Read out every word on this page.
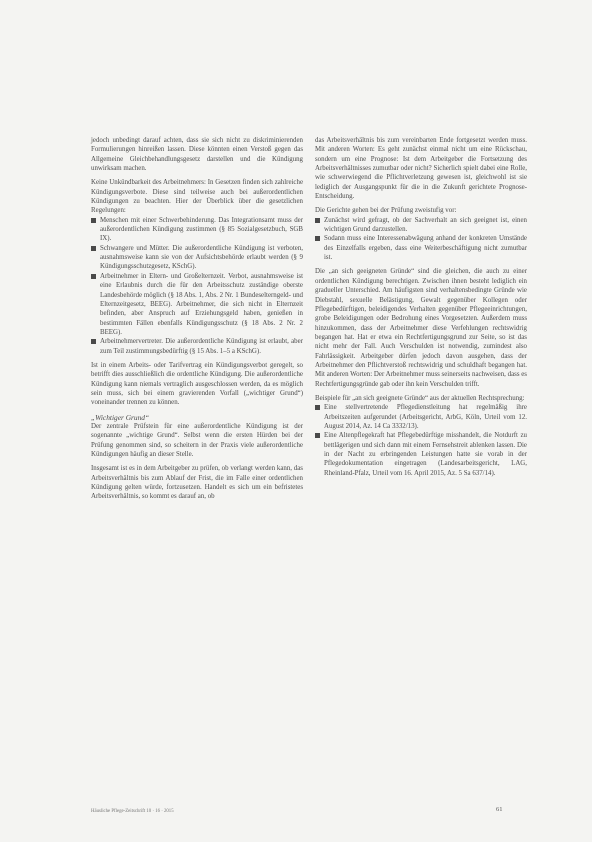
jedoch unbedingt darauf achten, dass sie sich nicht zu diskriminierenden Formulierungen hinreißen lassen. Diese könnten einen Verstoß gegen das Allgemeine Gleichbehandlungsgesetz darstellen und die Kündigung unwirksam machen.

Keine Unkündbarkeit des Arbeitnehmers: In Gesetzen finden sich zahlreiche Kündigungsverbote. Diese sind teilweise auch bei außerordentlichen Kündigungen zu beachten. Hier der Überblick über die gesetzlichen Regelungen:

Menschen mit einer Schwerbehinderung. Das Integrationsamt muss der außerordentlichen Kündigung zustimmen (§ 85 Sozialgesetzbuch, SGB IX).
Schwangere und Mütter. Die außerordentliche Kündigung ist verboten, ausnahmsweise kann sie von der Aufsichtsbehörde erlaubt werden (§ 9 Kündigungsschutzgesetz, KSchG).
Arbeitnehmer in Eltern- und Großelternzeit. Verbot, ausnahmsweise ist eine Erlaubnis durch die für den Arbeitsschutz zuständige oberste Landesbehörde möglich (§ 18 Abs. 1, Abs. 2 Nr. 1 Bundeselterngeld- und Elternzeitgesetz, BEEG). Arbeitnehmer, die sich nicht in Elternzeit befinden, aber Anspruch auf Erziehungsgeld haben, genießen in bestimmten Fällen ebenfalls Kündigungsschutz (§ 18 Abs. 2 Nr. 2 BEEG).
Arbeitnehmervertreter. Die außerordentliche Kündigung ist erlaubt, aber zum Teil zustimmungsbedürftig (§ 15 Abs. 1–5 a KSchG).

Ist in einem Arbeits- oder Tarifvertrag ein Kündigungsverbot geregelt, so betrifft dies ausschließlich die ordentliche Kündigung. Die außerordentliche Kündigung kann niemals vertraglich ausgeschlossen werden, da es möglich sein muss, sich bei einem gravierenden Vorfall („wichtiger Grund“) voneinander trennen zu können.

„Wichtiger Grund“

Der zentrale Prüfstein für eine außerordentliche Kündigung ist der sogenannte „wichtige Grund“. Selbst wenn die ersten Hürden bei der Prüfung genommen sind, so scheitern in der Praxis viele außerordentliche Kündigungen häufig an dieser Stelle.

Insgesamt ist es in dem Arbeitgeber zu prüfen, ob verlangt werden kann, das Arbeitsverhältnis bis zum Ablauf der Frist, die im Falle einer ordentlichen Kündigung gelten würde, fortzusetzen. Handelt es sich um ein befristetes Arbeitsverhältnis, so kommt es darauf an, ob

das Arbeitsverhältnis bis zum vereinbarten Ende fortgesetzt werden muss. Mit anderen Worten: Es geht zunächst einmal nicht um eine Rückschau, sondern um eine Prognose: Ist dem Arbeitgeber die Fortsetzung des Arbeitsverhältnisses zumutbar oder nicht? Sicherlich spielt dabei eine Rolle, wie schwerwiegend die Pflichtverletzung gewesen ist, gleichwohl ist sie lediglich der Ausgangspunkt für die in die Zukunft gerichtete Prognose-Entscheidung.

Die Gerichte gehen bei der Prüfung zweistufig vor:

Zunächst wird gefragt, ob der Sachverhalt an sich geeignet ist, einen wichtigen Grund darzustellen.
Sodann muss eine Interessenabwägung anhand der konkreten Umstände des Einzelfalls ergeben, dass eine Weiterbeschäftigung nicht zumutbar ist.

Die „an sich geeigneten Gründe“ sind die gleichen, die auch zu einer ordentlichen Kündigung berechtigen. Zwischen ihnen besteht lediglich ein gradueller Unterschied. Am häufigsten sind verhaltensbedingte Gründe wie Diebstahl, sexuelle Belästigung, Gewalt gegenüber Kollegen oder Pflegebedürftigen, beleidigendes Verhalten gegenüber Pflegeeinrichtungen, grobe Beleidigungen oder Bedrohung eines Vorgesetzten. Außerdem muss hinzukommen, dass der Arbeitnehmer diese Verfehlungen rechtswidrig begangen hat. Hat er etwa ein Rechtfertigungsgrund zur Seite, so ist das nicht mehr der Fall. Auch Verschulden ist notwendig, zumindest also Fahrlässigkeit. Arbeitgeber dürfen jedoch davon ausgehen, dass der Arbeitnehmer den Pflichtverstoß rechtswidrig und schuldhaft begangen hat. Mit anderen Worten: Der Arbeitnehmer muss seinerseits nachweisen, dass es Rechtfertigungsgründe gab oder ihn kein Verschulden trifft.

Beispiele für „an sich geeignete Gründe“ aus der aktuellen Rechtsprechung:

Eine stellvertretende Pflegedienstleitung hat regelmäßig ihre Arbeitszeiten aufgerundet (Arbeitsgericht, ArbG, Köln, Urteil vom 12. August 2014, Az. 14 Ca 3332/13).
Eine Altenpflegekraft hat Pflegebedürftige misshandelt, die Notdurft zu bettlägerigen und sich dann mit einem Fernsehstreit ablenken lassen. Die in der Nacht zu erbringenden Leistungen hatte sie vorab in der Pflegedokumentation eingetragen (Landesarbeitsgericht, LAG, Rheinland-Pfalz, Urteil vom 16. April 2015, Az. 5 Sa 637/14).
Häusliche Pflege-Zeitschrift 10 · 16 · 2015	61
